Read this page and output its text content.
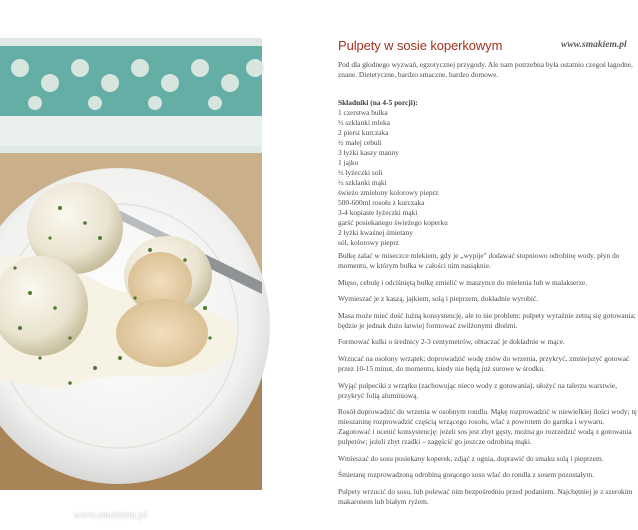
www.smakiem.pl
Pulpety w sosie koperkowym	www.smakiem.pl
Pod dla głodnego wyzwań, egzotycznej przygody. Ale nam potrzebna była ostatnio czegoś łagodne, znane. Dietetyczne, bardzo smaczne, bardzo domowe.
Składniki (na 4-5 porcji):
1 czerstwa bułka
½ szklanki mleka
2 piersi kurczaka
½ małej cebuli
3 łyżki kaszy manny
1 jajko
½ łyżeczki soli
½ szklanki mąki
świeżo zmielony kolorowy pieprz
500-600ml rosołu z kurczaka
3-4 kopiaste łyżeczki mąki
garść posiekanego świeżego koperku
2 łyżki kwaśnej śmietany
sól, kolorowy pieprz

Bułkę zalać w miseczce mlekiem, gdy je „wypije" dodawać stopniowo odrobinę wody. płyn do momentu, w którym bułka w całości nim nasiąknie.

Mięso, cebulę i odciśniętą bułkę zmielić w maszynce do mielenia lub w malakserze.

Wymieszać je z kaszą, jajkiem, solą i pieprzem, dokładnie wyrobić.

Masa może mieć dość luźną konsystencję, ale to nie problem: pulpety wyraźnie zetną się gotowania; będzie je jednak dużo łatwiej formować zwilżonymi dłońmi.

Formować kulki o średnicy 2-3 centymetrów, obtaczać je dokładnie w mące.

Wrzucać na osolony wrzątek; doprowadzić wodę znów do wrzenia, przykryć, zmniejszyć gotować przez 10-15 minut, do momentu, kiedy nie będą już surowe w środku.

Wyjąć pulpeciki z wrzątku (zachowując nieco wody z gotowania), ułożyć na talerzu warstwie, przykryć folią aluminiową.

Rosół doprowadzić do wrzenia w osobnym rondlu. Mąkę rozprowadzić w niewielkiej ilości wody; tę mieszaninę rozprowadzić częścią wrzącego rosołu, wlać z powrotem do garnka i wywaru. Zagotować i ocenić konsystencję: jeżeli sos jest zbyt gęsty, można go rozrzedzić wodą z gotowania pulpetów; jeżeli zbyt rzadki – zagęścić go jeszcze odrobiną mąki.

Wmieszać do sosu posiekany koperek, zdjąć z ognia, doprawić do smaku solą i pieprzem.

Śmietanę rozprowadzoną odrobiną gorącego sosu wlać do rondla z sosem pozostałym.

Pulpety wrzucić do sosu, lub polewać nim bezpośrednio przed podaniem. Najchętniej je z szerokim makaronem lub białym ryżem.
